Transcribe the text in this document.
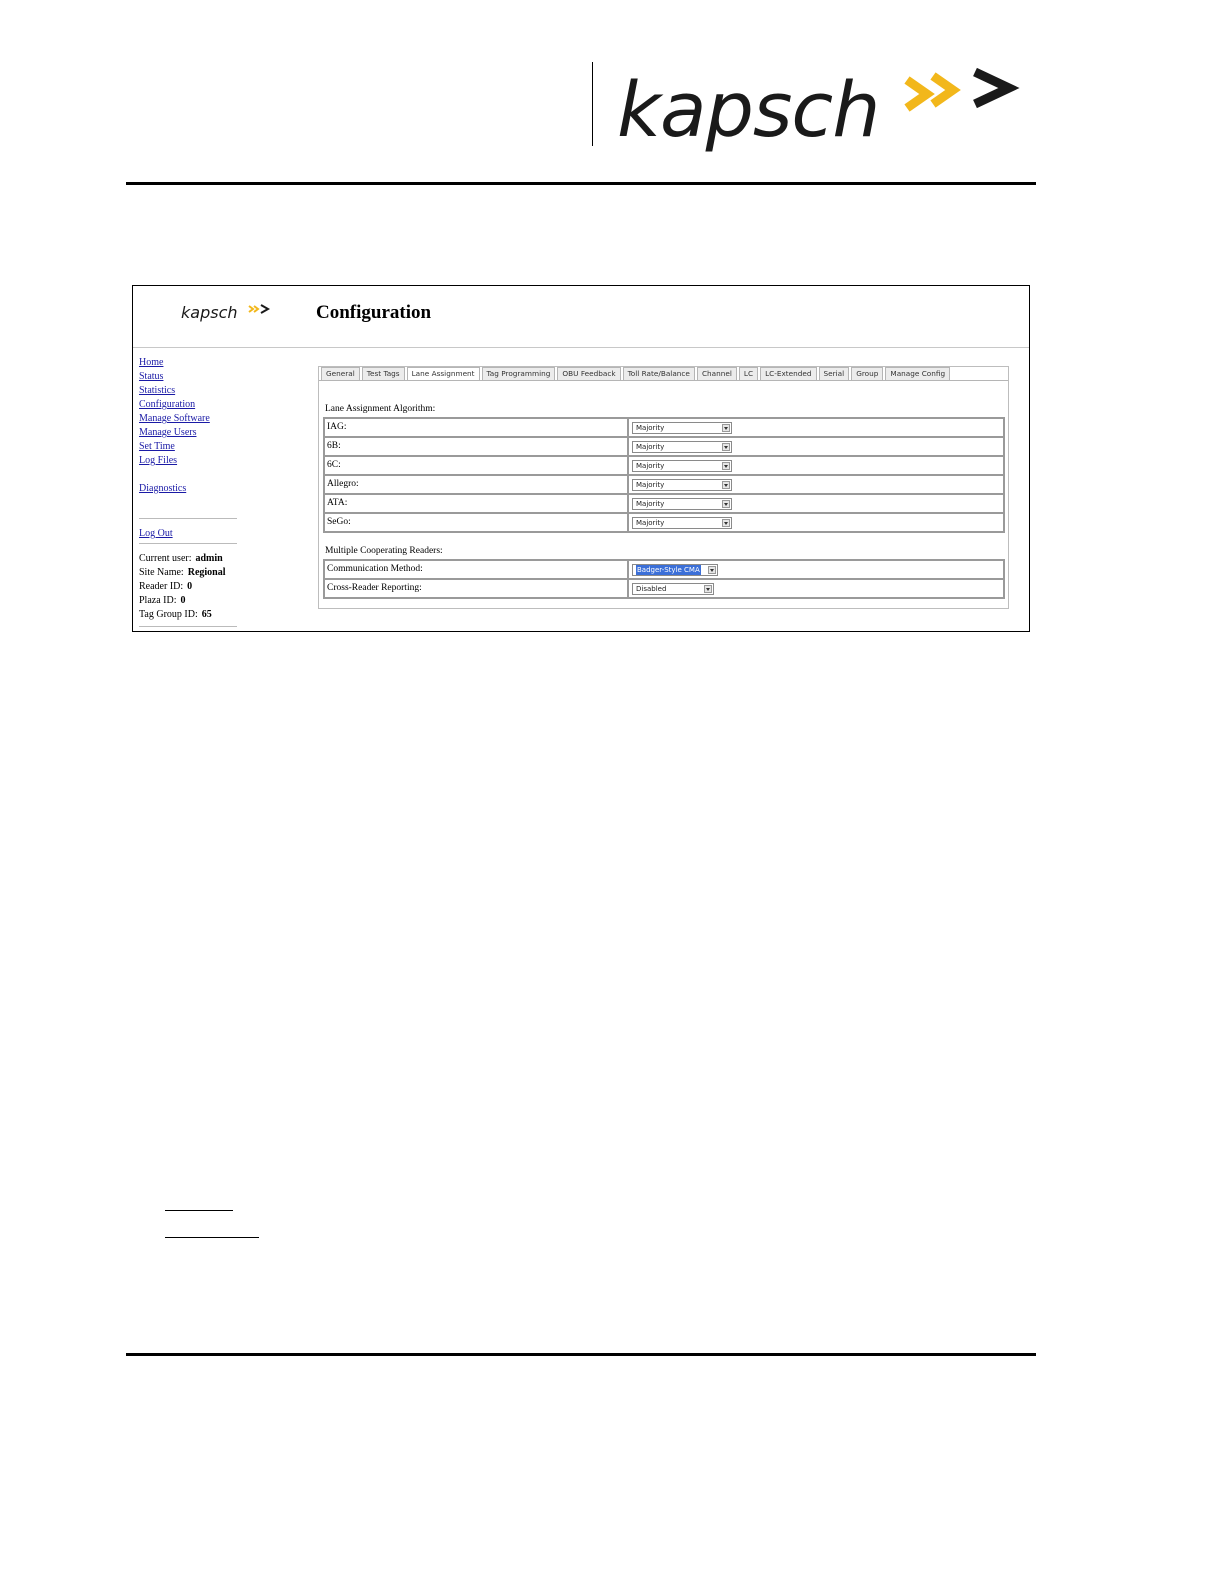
kapsch
kapsch	Configuration
Home
Status
Statistics
Configuration
Manage Software
Manage Users
Set Time
Log Files
Diagnostics
Log Out
Current user: admin
Site Name: Regional
Reader ID: 0
Plaza ID: 0
Tag Group ID: 65
General	Test Tags	Lane Assignment	Tag Programming	OBU Feedback	Toll Rate/Balance	Channel	LC	LC-Extended	Serial	Group	Manage Config
Lane Assignment Algorithm:
IAG:	Majority
6B:	Majority
6C:	Majority
Allegro:	Majority
ATA:	Majority
SeGo:	Majority
Multiple Cooperating Readers:
Communication Method:	Badger-Style CMA
Cross-Reader Reporting:	Disabled
